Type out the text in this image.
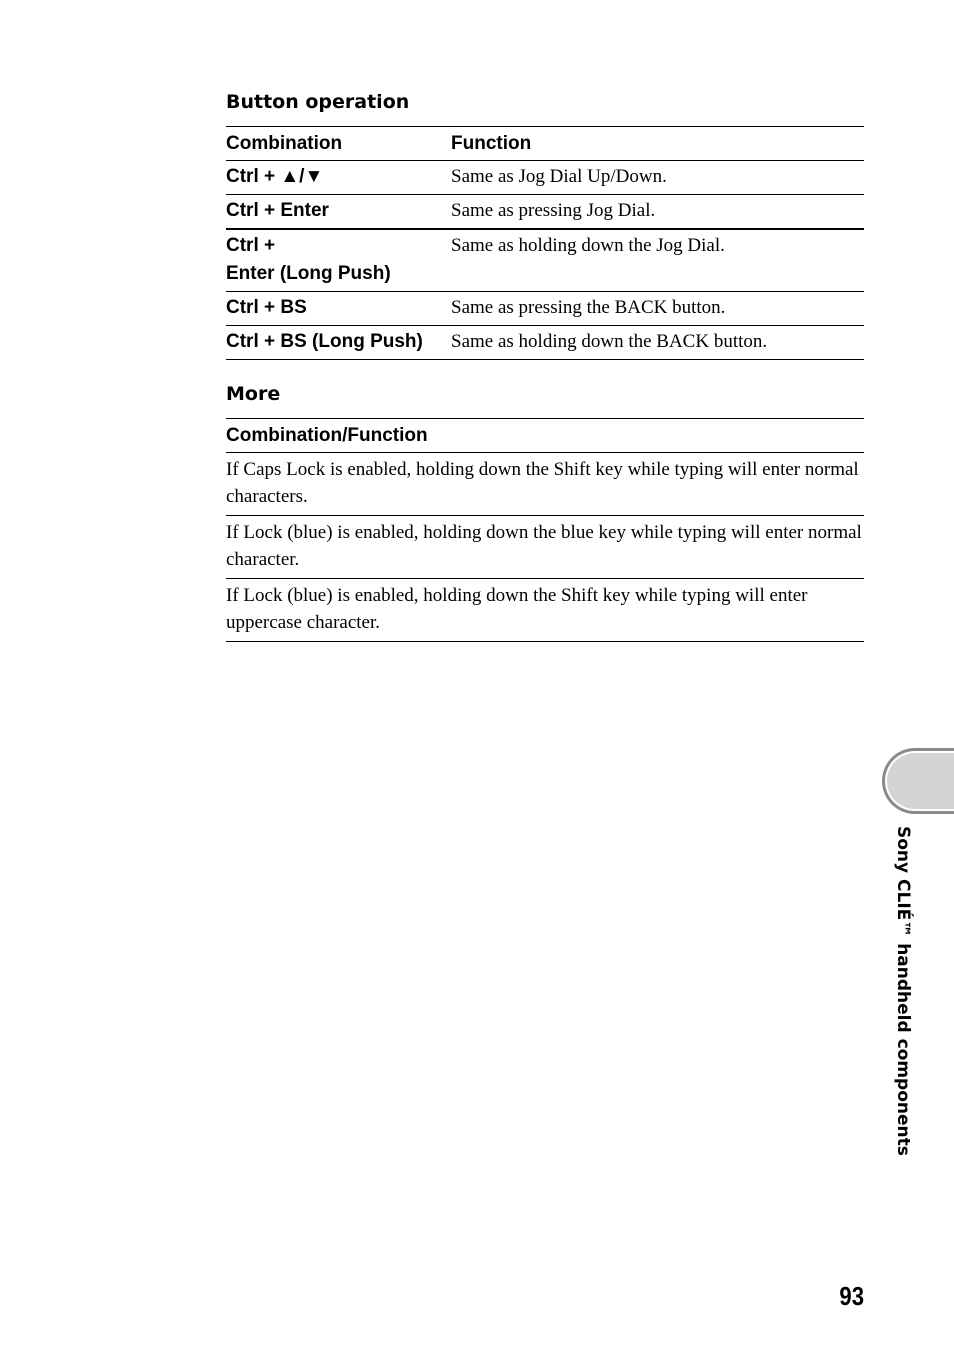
Button operation
Combination	Function
Ctrl + ▲/▼	Same as Jog Dial Up/Down.
Ctrl + Enter	Same as pressing Jog Dial.
Ctrl +
Enter (Long Push)	Same as holding down the Jog Dial.
Ctrl + BS	Same as pressing the BACK button.
Ctrl + BS (Long Push)	Same as holding down the BACK button.
More
Combination/Function
If Caps Lock is enabled, holding down the Shift key while typing will enter normal characters.
If Lock (blue) is enabled, holding down the blue key while typing will enter normal character.
If Lock (blue) is enabled, holding down the Shift key while typing will enter uppercase character.
Sony CLIÉ™ handheld components
93
